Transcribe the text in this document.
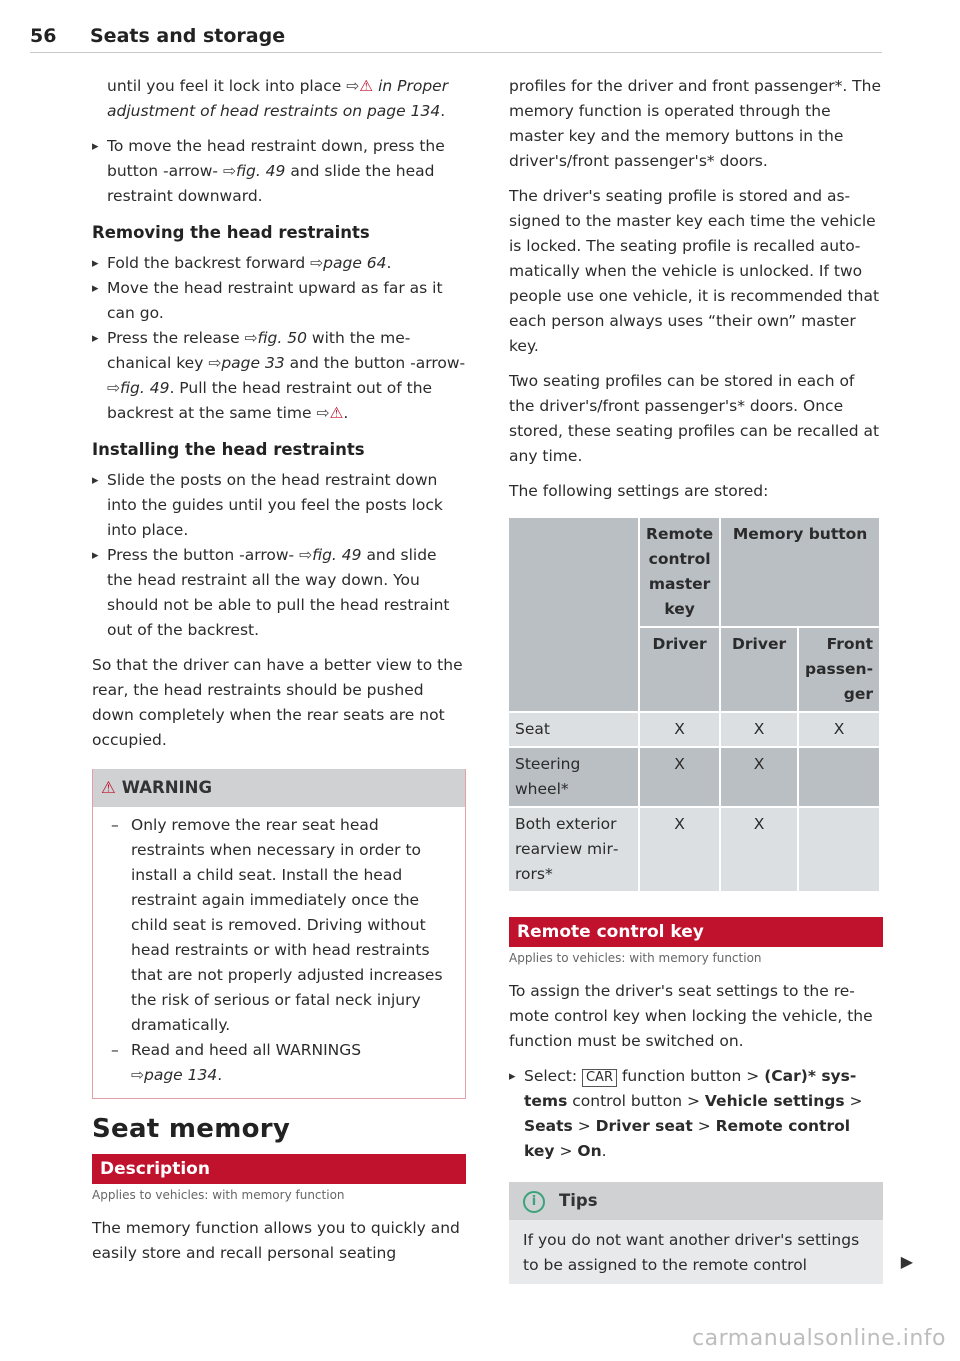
56 Seats and storage

until you feel it lock into place ⇨⚠ in Proper adjustment of head restraints on page 134.

▸ To move the head restraint down, press the button -arrow- ⇨fig. 49 and slide the head restraint downward.

Removing the head restraints

▸ Fold the backrest forward ⇨page 64.

▸ Move the head restraint upward as far as it can go.

▸ Press the release ⇨fig. 50 with the mechanical key ⇨page 33 and the button -arrow- ⇨fig. 49. Pull the head restraint out of the backrest at the same time ⇨⚠.

Installing the head restraints

▸ Slide the posts on the head restraint down into the guides until you feel the posts lock into place.

▸ Press the button -arrow- ⇨fig. 49 and slide the head restraint all the way down. You should not be able to pull the head restraint out of the backrest.

So that the driver can have a better view to the rear, the head restraints should be pushed down completely when the rear seats are not occupied.

⚠ WARNING

– Only remove the rear seat head restraints when necessary in order to install a child seat. Install the head restraint again immediately once the child seat is removed. Driving without head restraints or with head restraints that are not properly adjusted increases the risk of serious or fatal neck injury dramatically.

– Read and heed all WARNINGS
⇨page 134.

Seat memory
Description
Applies to vehicles: with memory function

The memory function allows you to quickly and easily store and recall personal seating

profiles for the driver and front passenger*. The memory function is operated through the master key and the memory buttons in the driver's/front passenger's* doors.

The driver's seating profile is stored and assigned to the master key each time the vehicle is locked. The seating profile is recalled automatically when the vehicle is unlocked. If two people use one vehicle, it is recommended that each person always uses “their own” master key.

Two seating profiles can be stored in each of the driver's/front passenger's* doors. Once stored, these seating profiles can be recalled at any time.

The following settings are stored:

	Remote control master key	Memory button	
	Driver	Driver	Front passenger
Seat	X	X	X
Steering wheel*	X	X	
Both exterior rearview mirrors*	X	X	
Remote control key
Applies to vehicles: with memory function

To assign the driver's seat settings to the remote control key when locking the vehicle, the function must be switched on.

▸ Select: CAR function button > (Car)* systems control button > Vehicle settings > Seats > Driver seat > Remote control key > On.

i Tips

If you do not want another driver's settings to be assigned to the remote control	▶
carmanualsonline.info
